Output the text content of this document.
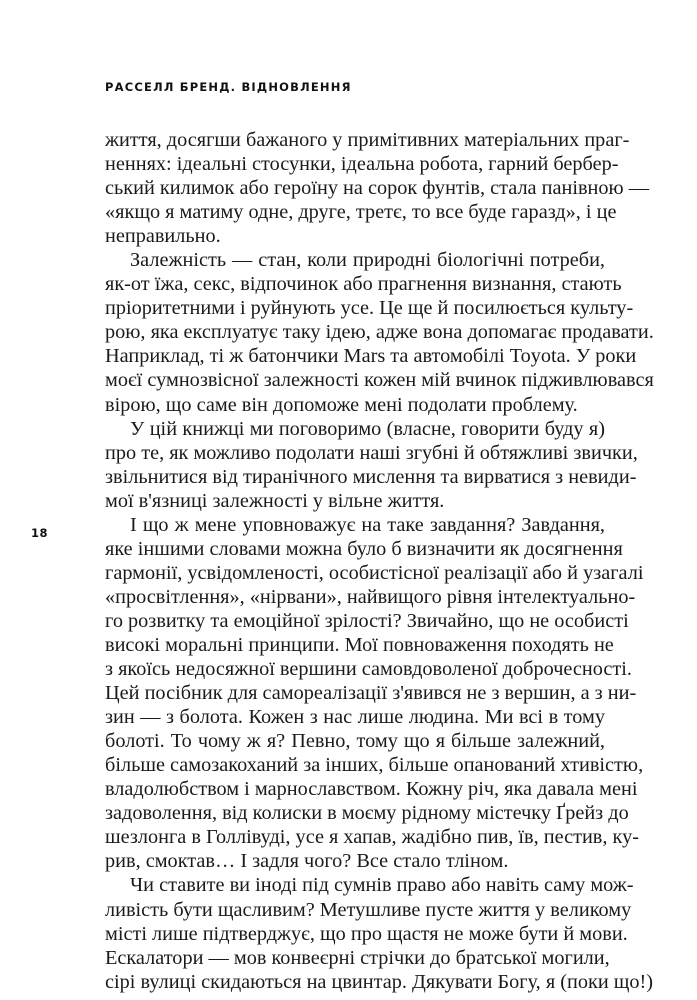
РАССЕЛЛ БРЕНД. ВІДНОВЛЕННЯ
18

життя, досягши бажаного у примітивних матеріальних праг-
неннях: ідеальні стосунки, ідеальна робота, гарний бербер-
ський килимок або героїну на сорок фунтів, стала панівною —
«якщо я матиму одне, друге, третє, то все буде гаразд», і це
неправильно.

Залежність — стан, коли природні біологічні потреби,
як-от їжа, секс, відпочинок або прагнення визнання, стають
пріоритетними і руйнують усе. Це ще й посилюється культу-
рою, яка експлуатує таку ідею, адже вона допомагає продавати.
Наприклад, ті ж батончики Mars та автомобілі Toyota. У роки
моєї сумнозвісної залежності кожен мій вчинок підживлювався
вірою, що саме він допоможе мені подолати проблему.

У цій книжці ми поговоримо (власне, говорити буду я)
про те, як можливо подолати наші згубні й обтяжливі звички,
звільнитися від тиранічного мислення та вирватися з невиди-
мої в'язниці залежності у вільне життя.

І що ж мене уповноважує на таке завдання? Завдання,
яке іншими словами можна було б визначити як досягнення
гармонії, усвідомленості, особистісної реалізації або й узагалі
«просвітлення», «нірвани», найвищого рівня інтелектуально-
го розвитку та емоційної зрілості? Звичайно, що не особисті
високі моральні принципи. Мої повноваження походять не
з якоїсь недосяжної вершини самовдоволеної доброчесності.
Цей посібник для самореалізації з'явився не з вершин, а з ни-
зин — з болота. Кожен з нас лише людина. Ми всі в тому
болоті. То чому ж я? Певно, тому що я більше залежний,
більше самозакоханий за інших, більше опанований хтивістю,
владолюбством і марнославством. Кожну річ, яка давала мені
задоволення, від колиски в моєму рідному містечку Ґрейз до
шезлонга в Голлівуді, усе я хапав, жадібно пив, їв, пестив, ку-
рив, смоктав… І задля чого? Все стало тліном.

Чи ставите ви іноді під сумнів право або навіть саму мож-
ливість бути щасливим? Метушливе пусте життя у великому
місті лише підтверджує, що про щастя не може бути й мови.
Ескалатори — мов конвеєрні стрічки до братської могили,
сірі вулиці скидаються на цвинтар. Дякувати Богу, я (поки що!)
